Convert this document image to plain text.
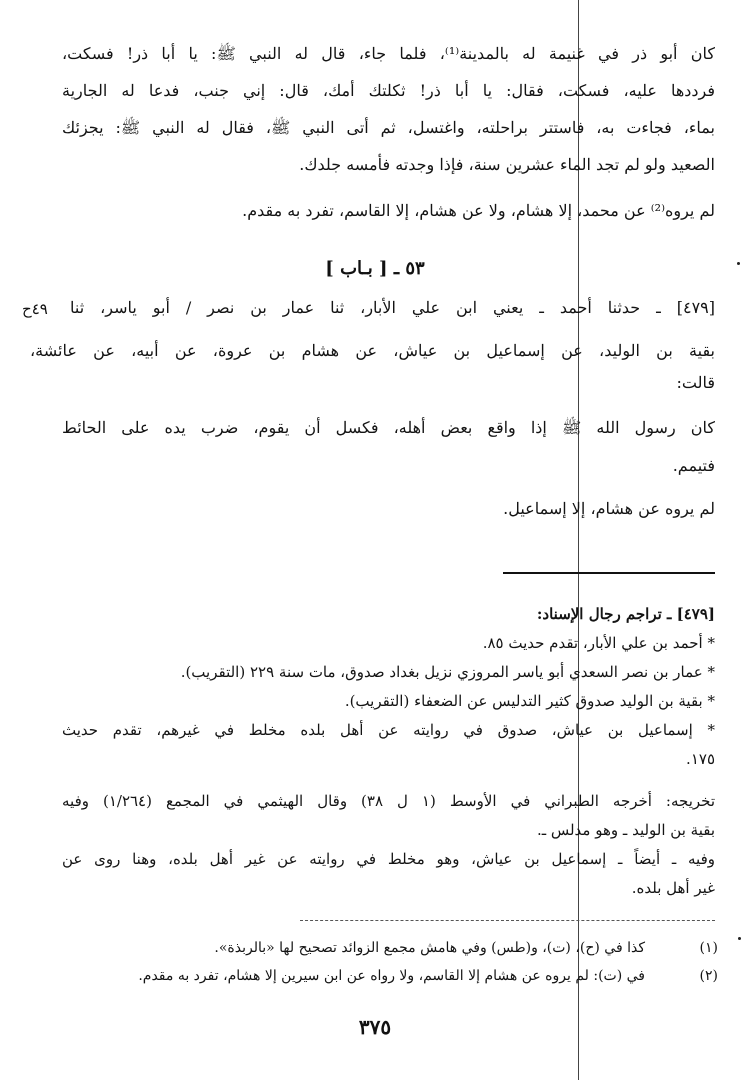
كان أبو ذر في غنيمة له بالمدينة⁽¹⁾، فلما جاء، قال له النبي ﷺ: يا أبا ذر! فسكت،
فرددها عليه، فسكت، فقال: يا أبا ذر! ثكلتك أمك، قال: إني جنب، فدعا له الجارية
بماء، فجاءت به، فاستتر براحلته، واغتسل، ثم أتى النبي ﷺ، فقال له النبي ﷺ: يجزئك
الصعيد ولو لم تجد الماء عشرين سنة، فإذا وجدته فأمسه جلدك.
لم يروه⁽²⁾ عن محمد، إلا هشام، ولا عن هشام، إلا القاسم، تفرد به مقدم.
٥٣ ـ [ بـاب ]
[٤٧٩] ـ حدثنا أحمد ـ يعني ابن علي الأبار، ثنا عمار بن نصر / أبو ياسر، ثنا
٤٩ح
بقية بن الوليد، عن إسماعيل بن عياش، عن هشام بن عروة، عن أبيه، عن عائشة،
قالت:
كان رسول الله ﷺ إذا واقع بعض أهله، فكسل أن يقوم، ضرب يده على الحائط
فتيمم.
لم يروه عن هشام، إلا إسماعيل.
[٤٧٩] ـ تراجم رجال الإسناد:
* أحمد بن علي الأبار، تقدم حديث ٨٥.
* عمار بن نصر السعدي أبو ياسر المروزي نزيل بغداد صدوق، مات سنة ٢٢٩ (التقريب).
* بقية بن الوليد صدوق كثير التدليس عن الضعفاء (التقريب).
* إسماعيل بن عياش، صدوق في روايته عن أهل بلده مخلط في غيرهم، تقدم حديث
١٧٥.
تخريجه: أخرجه الطبراني في الأوسط (١ ل ٣٨) وقال الهيثمي في المجمع (١/٢٦٤) وفيه
بقية بن الوليد ـ وهو مدلس ـ.
وفيه ـ أيضاً ـ إسماعيل بن عياش، وهو مخلط في روايته عن غير أهل بلده، وهنا روى عن
غير أهل بلده.
(١)
كذا في (ح)، (ت)، و(طس) وفي هامش مجمع الزوائد تصحيح لها «بالربذة».
(٢)
في (ت): لم يروه عن هشام إلا القاسم، ولا رواه عن ابن سيرين إلا هشام، تفرد به مقدم.
٣٧٥
